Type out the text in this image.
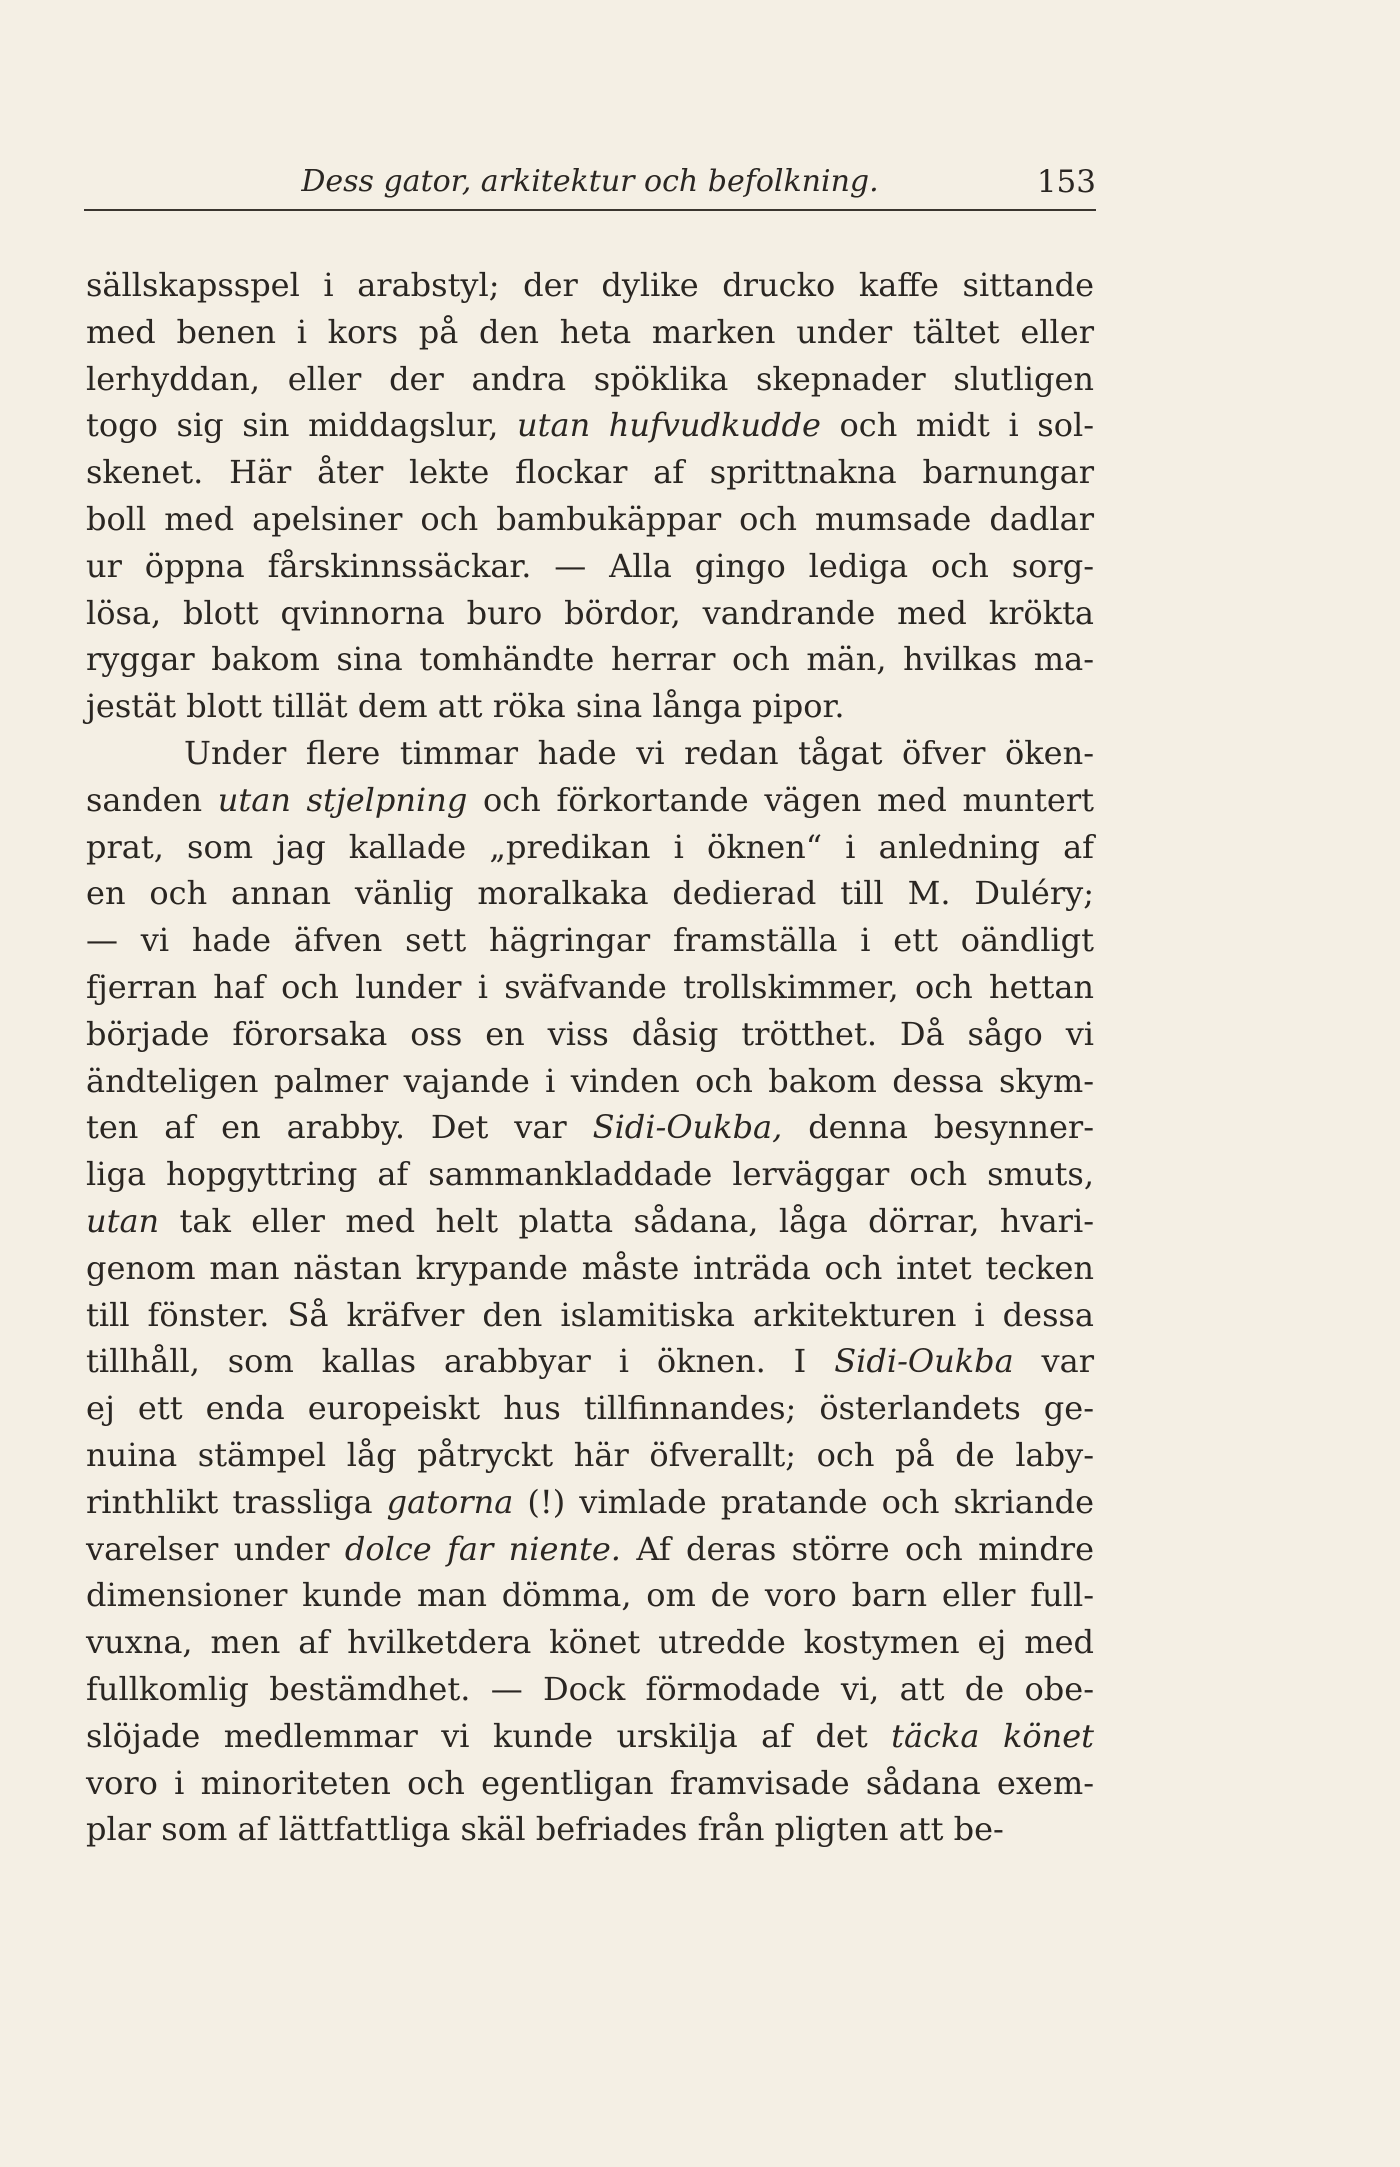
Dess gator, arkitektur och befolkning.	153
sällskapsspel i arabstyl; der dylike drucko kaffe sittande
med benen i kors på den heta marken under tältet eller
lerhyddan, eller der andra spöklika skepnader slutligen
togo sig sin middagslur, utan hufvudkudde och midt i sol-
skenet. Här åter lekte flockar af sprittnakna barnungar
boll med apelsiner och bambukäppar och mumsade dadlar
ur öppna fårskinnssäckar. — Alla gingo lediga och sorg-
lösa, blott qvinnorna buro bördor, vandrande med krökta
ryggar bakom sina tomhändte herrar och män, hvilkas ma-
jestät blott tillät dem att röka sina långa pipor.
Under flere timmar hade vi redan tågat öfver öken-
sanden utan stjelpning och förkortande vägen med muntert
prat, som jag kallade „predikan i öknen“ i anledning af
en och annan vänlig moralkaka dedierad till M. Duléry;
— vi hade äfven sett hägringar framställa i ett oändligt
fjerran haf och lunder i sväfvande trollskimmer, och hettan
började förorsaka oss en viss dåsig trötthet. Då sågo vi
ändteligen palmer vajande i vinden och bakom dessa skym-
ten af en arabby. Det var Sidi-Oukba, denna besynner-
liga hopgyttring af sammankladdade lerväggar och smuts,
utan tak eller med helt platta sådana, låga dörrar, hvari-
genom man nästan krypande måste inträda och intet tecken
till fönster. Så kräfver den islamitiska arkitekturen i dessa
tillhåll, som kallas arabbyar i öknen. I Sidi-Oukba var
ej ett enda europeiskt hus tillfinnandes; österlandets ge-
nuina stämpel låg påtryckt här öfverallt; och på de laby-
rinthlikt trassliga gatorna (!) vimlade pratande och skriande
varelser under dolce far niente. Af deras större och mindre
dimensioner kunde man dömma, om de voro barn eller full-
vuxna, men af hvilketdera könet utredde kostymen ej med
fullkomlig bestämdhet. — Dock förmodade vi, att de obe-
slöjade medlemmar vi kunde urskilja af det täcka könet
voro i minoriteten och egentligan framvisade sådana exem-
plar som af lättfattliga skäl befriades från pligten att be-
